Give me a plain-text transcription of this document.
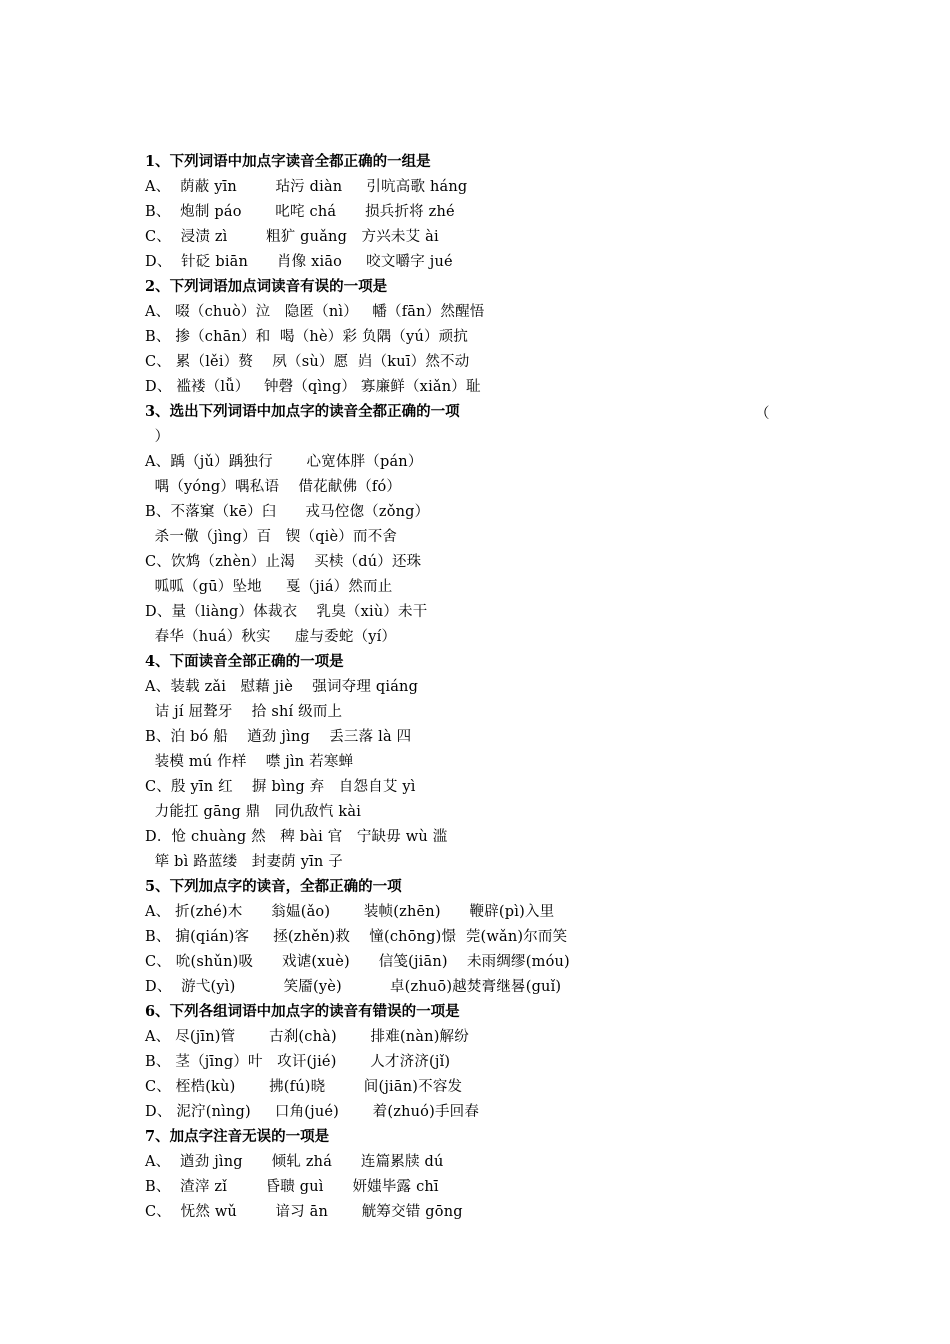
1、下列词语中加点字读音全都正确的一组是
A、  荫蔽 yīn        玷污 diàn     引吭高歌 háng
B、  炮制 páo       叱咤 chá      损兵折将 zhé
C、  浸渍 zì        粗犷 guǎng   方兴未艾 ài
D、  针砭 biān      肖像 xiāo     咬文嚼字 jué
2、下列词语加点词读音有误的一项是
A、 啜（chuò）泣   隐匿（nì）   幡（fān）然醒悟
B、 掺（chān）和  喝（hè）彩 负隅（yú）顽抗
C、 累（lěi）赘    夙（sù）愿  岿（kuī）然不动
D、 褴褛（lǚ）   钟磬（qìng） 寡廉鲜（xiǎn）耻
3、选出下列词语中加点字的读音全都正确的一项
）
A、踽（jǔ）踽独行       心宽体胖（pán）
喁（yóng）喁私语    借花献佛（fó）
B、不落窠（kē）臼      戎马倥偬（zǒng）
杀一儆（jìng）百   锲（qiè）而不舍
C、饮鸩（zhèn）止渴    买椟（dú）还珠
呱呱（gū）坠地     戛（jiá）然而止
D、量（liàng）体裁衣    乳臭（xiù）未干
春华（huá）秋实     虚与委蛇（yí）
4、下面读音全部正确的一项是
A、装载 zǎi   慰藉 jiè    强词夺理 qiáng
诘 jí 屈聱牙    拾 shí 级而上
B、泊 bó 船    遒劲 jìng    丢三落 là 四
装模 mú 作样    噤 jìn 若寒蝉
C、殷 yīn 红    摒 bìng 弃   自怨自艾 yì
力能扛 gāng 鼎   同仇敌忾 kài
D．怆 chuàng 然   稗 bài 官   宁缺毋 wù 滥
筚 bì 路蓝缕   封妻荫 yīn 子
5、下列加点字的读音，全都正确的一项
A、 折(zhé)木      翁媪(ǎo)       装帧(zhēn)      鞭辟(pì)入里
B、 掮(qián)客     拯(zhěn)救    憧(chōng)憬  莞(wǎn)尔而笑
C、 吮(shǔn)吸      戏谑(xuè)      信笺(jiān)    未雨绸缪(móu)
D、  游弋(yì)          笑靥(yè)          卓(zhuō)越焚膏继晷(guǐ)
6、下列各组词语中加点字的读音有错误的一项是
A、 尽(jīn)管       古刹(chà)       排难(nàn)解纷
B、 茎（jīng）叶   攻讦(jié)       人才济济(jǐ)
C、 桎梏(kù)       拂(fú)晓        间(jiān)不容发
D、 泥泞(nìng)     口角(jué)       着(zhuó)手回春
7、加点字注音无误的一项是
A、  遒劲 jìng      倾轧 zhá      连篇累牍 dú
B、  渣滓 zǐ        昏聩 guì      妍媸毕露 chī
C、  怃然 wǔ        谙习 ān       觥筹交错 gōng
（
